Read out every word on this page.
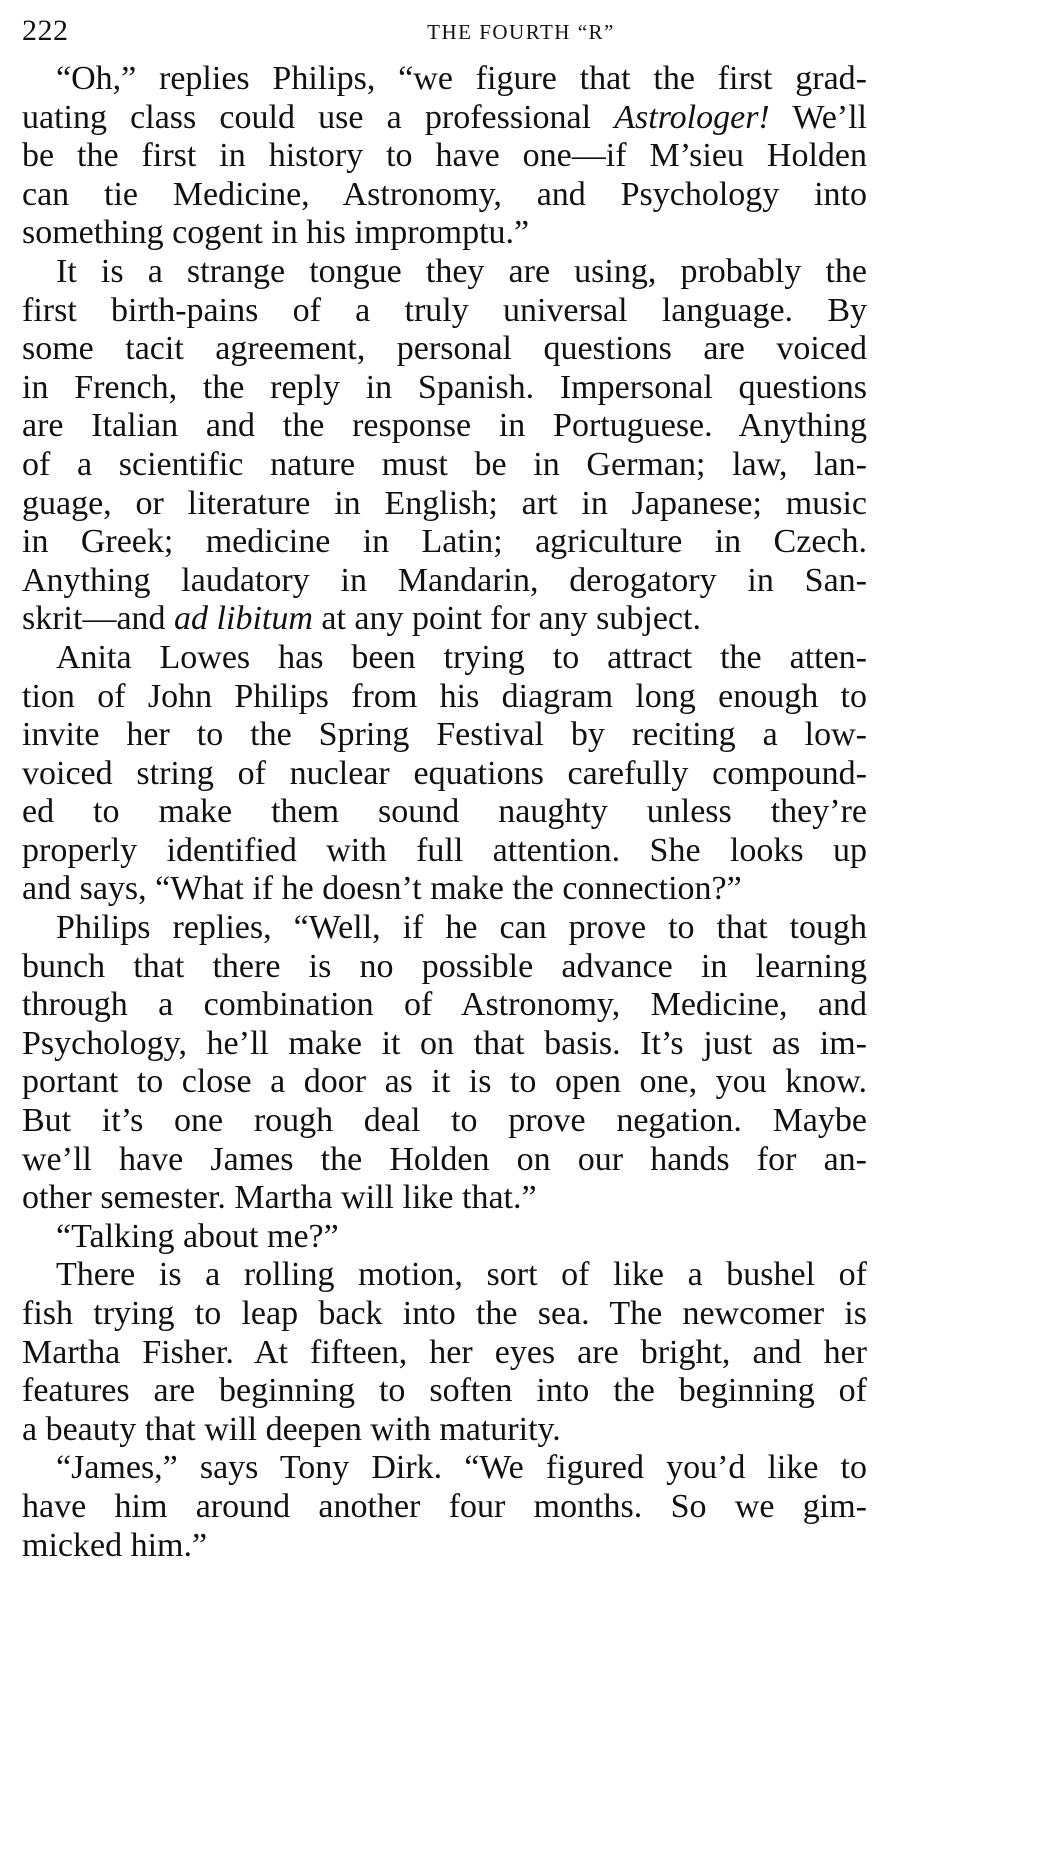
222	THE FOURTH “R”
“Oh,” replies Philips, “we figure that the first grad-
uating class could use a professional Astrologer! We’ll
be the first in history to have one—if M’sieu Holden
can tie Medicine, Astronomy, and Psychology into
something cogent in his impromptu.”
It is a strange tongue they are using, probably the
first birth-pains of a truly universal language. By
some tacit agreement, personal questions are voiced
in French, the reply in Spanish. Impersonal questions
are Italian and the response in Portuguese. Anything
of a scientific nature must be in German; law, lan-
guage, or literature in English; art in Japanese; music
in Greek; medicine in Latin; agriculture in Czech.
Anything laudatory in Mandarin, derogatory in San-
skrit—and ad libitum at any point for any subject.
Anita Lowes has been trying to attract the atten-
tion of John Philips from his diagram long enough to
invite her to the Spring Festival by reciting a low-
voiced string of nuclear equations carefully compound-
ed to make them sound naughty unless they’re
properly identified with full attention. She looks up
and says, “What if he doesn’t make the connection?”
Philips replies, “Well, if he can prove to that tough
bunch that there is no possible advance in learning
through a combination of Astronomy, Medicine, and
Psychology, he’ll make it on that basis. It’s just as im-
portant to close a door as it is to open one, you know.
But it’s one rough deal to prove negation. Maybe
we’ll have James the Holden on our hands for an-
other semester. Martha will like that.”
“Talking about me?”
There is a rolling motion, sort of like a bushel of
fish trying to leap back into the sea. The newcomer is
Martha Fisher. At fifteen, her eyes are bright, and her
features are beginning to soften into the beginning of
a beauty that will deepen with maturity.
“James,” says Tony Dirk. “We figured you’d like to
have him around another four months. So we gim-
micked him.”
